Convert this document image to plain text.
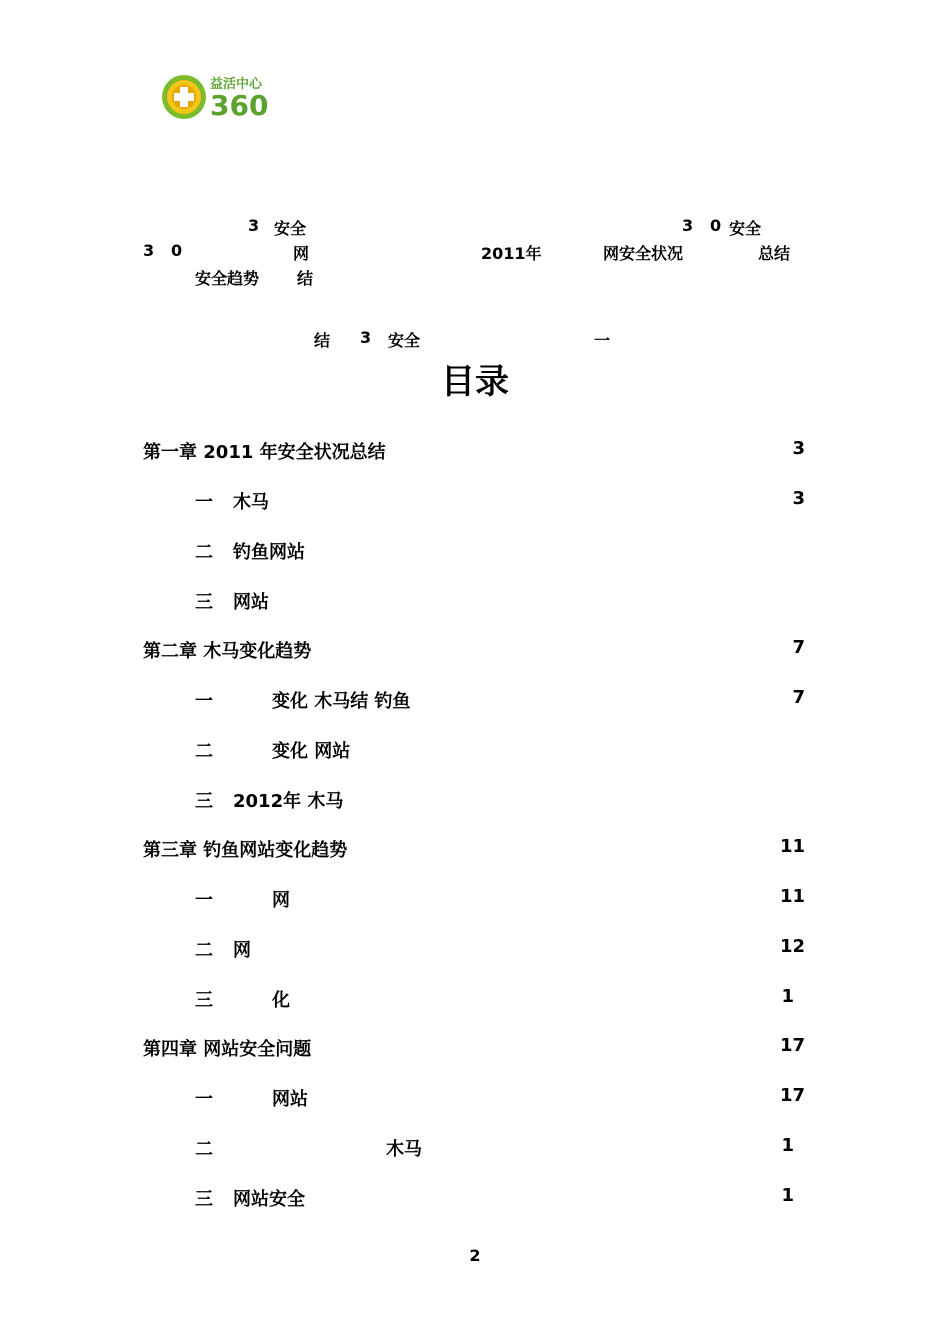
益活中心
360
3 安全	3 0 安全
3 0	网	2011年	网安全状况	总结
安全趋势 结
结 3 安全	一
目录
第一章 2011 年安全状况总结	3
一 木马	3
二 钓鱼网站
三 网站
第二章 木马变化趋势	7
一	变化 木马结 钓鱼	7
二	变化 网站
三 2012年 木马
第三章 钓鱼网站变化趋势	11
一	网	11
二 网	12
三	化	1
第四章 网站安全问题	17
一	网站	17
二	木马	1
三 网站安全	1
2
